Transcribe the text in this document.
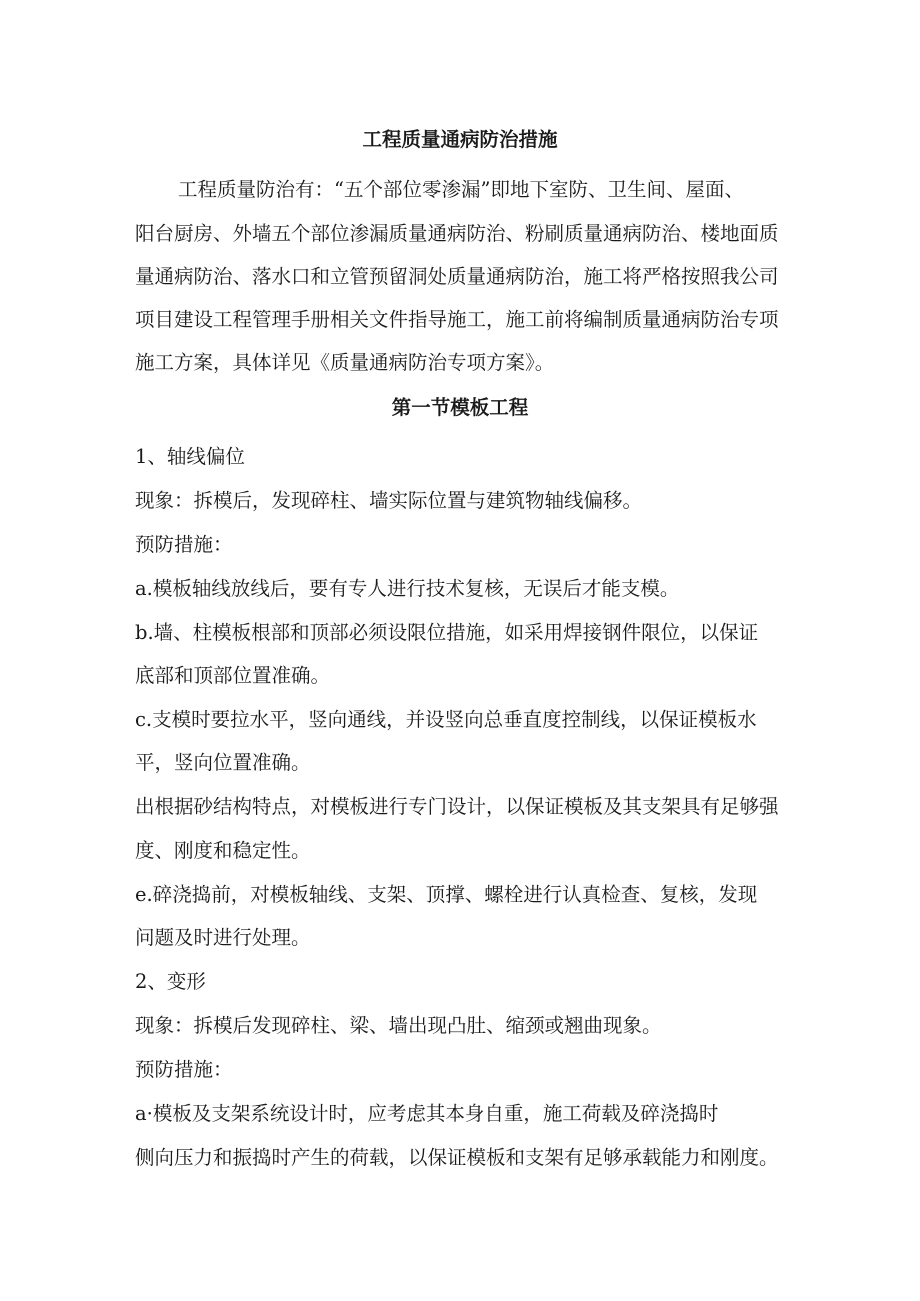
工程质量通病防治措施
工程质量防治有：“五个部位零渗漏”即地下室防、卫生间、屋面、
阳台厨房、外墙五个部位渗漏质量通病防治、粉刷质量通病防治、楼地面质
量通病防治、落水口和立管预留洞处质量通病防治，施工将严格按照我公司
项目建设工程管理手册相关文件指导施工，施工前将编制质量通病防治专项
施工方案，具体详见《质量通病防治专项方案》。
第一节模板工程
1、轴线偏位
现象：拆模后，发现碎柱、墙实际位置与建筑物轴线偏移。
预防措施：
a.模板轴线放线后，要有专人进行技术复核，无误后才能支模。
b.墙、柱模板根部和顶部必须设限位措施，如采用焊接钢件限位，以保证
底部和顶部位置准确。
c.支模时要拉水平，竖向通线，并设竖向总垂直度控制线，以保证模板水
平，竖向位置准确。
出根据砂结构特点，对模板进行专门设计，以保证模板及其支架具有足够强
度、刚度和稳定性。
e.碎浇捣前，对模板轴线、支架、顶撑、螺栓进行认真检查、复核，发现
问题及时进行处理。
2、变形
现象：拆模后发现碎柱、梁、墙出现凸肚、缩颈或翘曲现象。
预防措施：
a·模板及支架系统设计时，应考虑其本身自重，施工荷载及碎浇捣时
侧向压力和振捣时产生的荷载，以保证模板和支架有足够承载能力和刚度。
